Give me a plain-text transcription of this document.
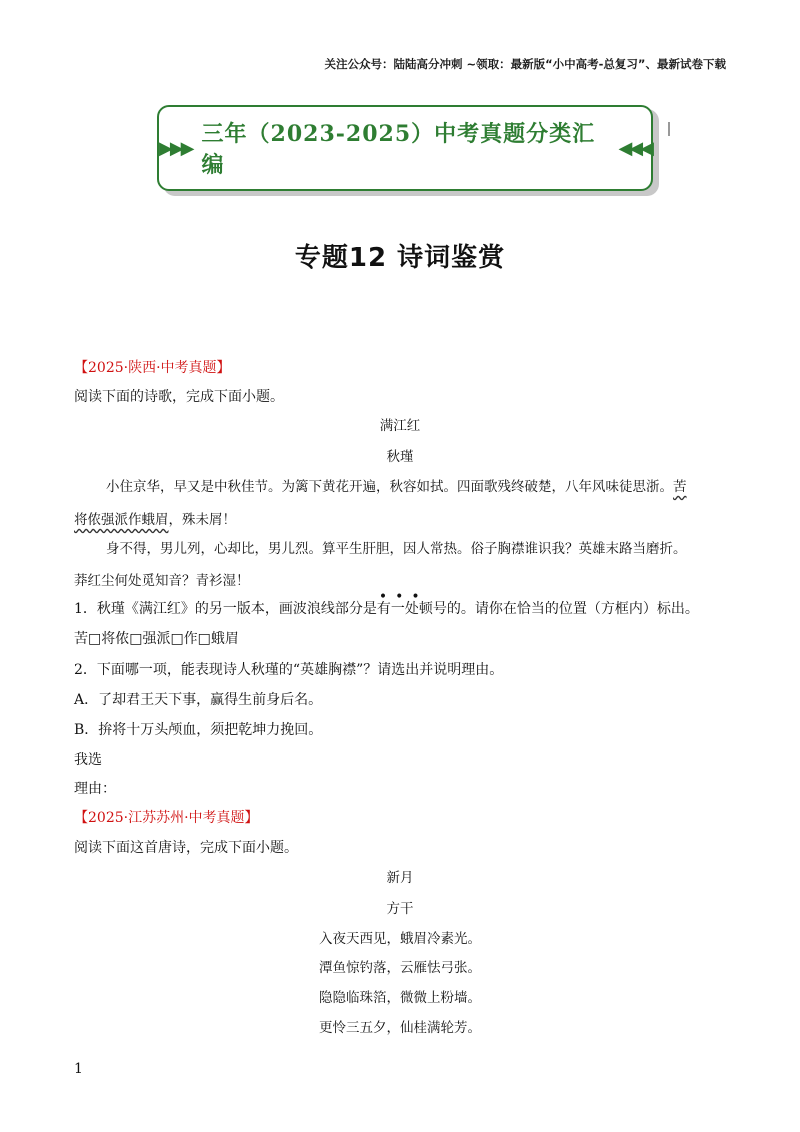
关注公众号：陆陆高分冲刺 ~领取：最新版“小中高考-总复习”、最新试卷下载
▶▶▶
三年（2023-2025）中考真题分类汇编
◀◀◀
专题12 诗词鉴赏
【2025·陕西·中考真题】
阅读下面的诗歌，完成下面小题。
满江红
秋瑾
小住京华，早又是中秋佳节。为篱下黄花开遍，秋容如拭。四面歌残终破楚，八年风味徒思浙。苦
将侬强派作蛾眉，殊未屑！
身不得，男儿列，心却比，男儿烈。算平生肝胆，因人常热。俗子胸襟谁识我？英雄末路当磨折。
莽红尘何处觅知音？青衫湿！
1．秋瑾《满江红》的另一版本，画波浪线部分是
•••
有一处顿号的。请你在恰当的位置（方框内）标出。
苦□将侬□强派□作□蛾眉
2．下面哪一项，能表现诗人秋瑾的“英雄胸襟”？请选出并说明理由。
A．了却君王天下事，赢得生前身后名。
B．拚将十万头颅血，须把乾坤力挽回。
我选
理由：
【2025·江苏苏州·中考真题】
阅读下面这首唐诗，完成下面小题。
新月
方干
入夜天西见，蛾眉冷素光。
潭鱼惊钓落，云雁怯弓张。
隐隐临珠箔，微微上粉墙。
更怜三五夕，仙桂满轮芳。
1
